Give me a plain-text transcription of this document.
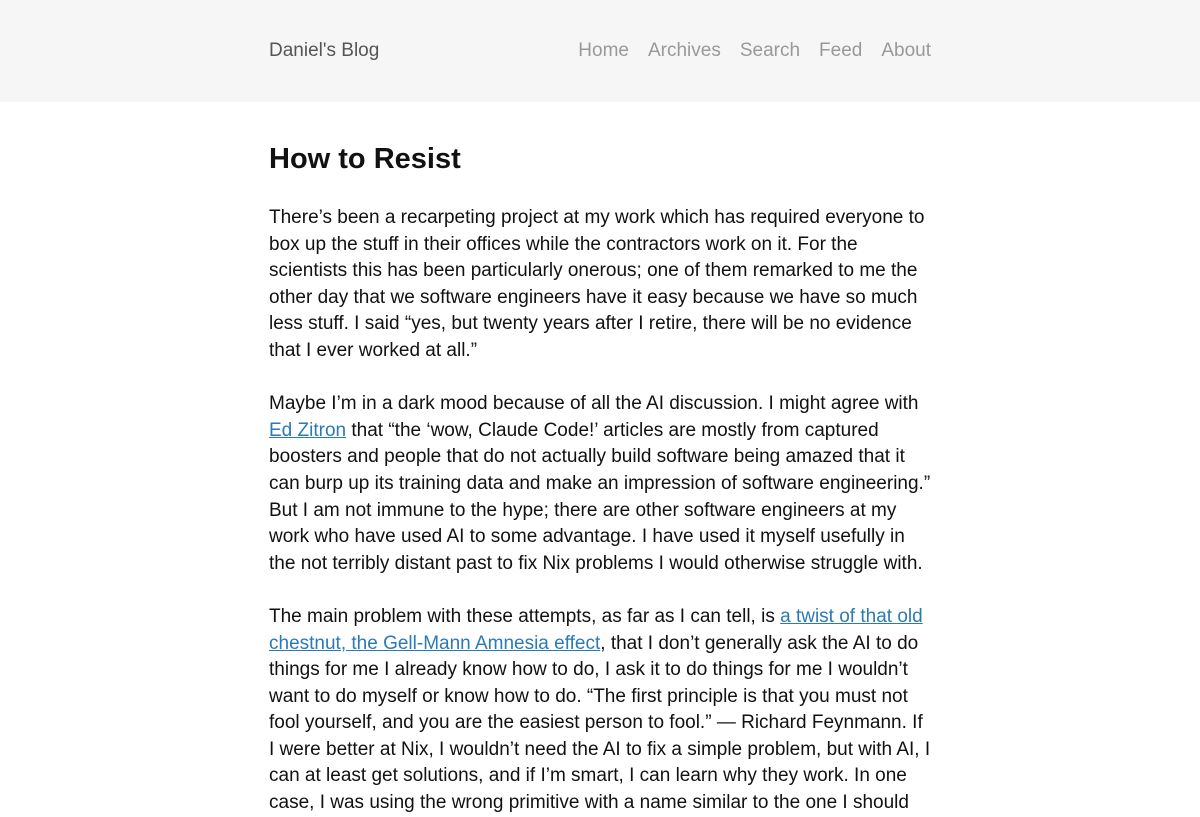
Daniel's Blog	Home Archives Search Feed About
How to Resist

There’s been a recarpeting project at my work which has required everyone to box up the stuff in their offices while the contractors work on it. For the scientists this has been particularly onerous; one of them remarked to me the other day that we software engineers have it easy because we have so much less stuff. I said “yes, but twenty years after I retire, there will be no evidence that I ever worked at all.”

Maybe I’m in a dark mood because of all the AI discussion. I might agree with Ed Zitron that “the ‘wow, Claude Code!’ articles are mostly from captured boosters and people that do not actually build software being amazed that it can burp up its training data and make an impression of software engineering.” But I am not immune to the hype; there are other software engineers at my work who have used AI to some advantage. I have used it myself usefully in the not terribly distant past to fix Nix problems I would otherwise struggle with.

The main problem with these attempts, as far as I can tell, is a twist of that old chestnut, the Gell-Mann Amnesia effect, that I don’t generally ask the AI to do things for me I already know how to do, I ask it to do things for me I wouldn’t want to do myself or know how to do. “The first principle is that you must not fool yourself, and you are the easiest person to fool.” — Richard Feynmann. If I were better at Nix, I wouldn’t need the AI to fix a simple problem, but with AI, I can at least get solutions, and if I’m smart, I can learn why they work. In one case, I was using the wrong primitive with a name similar to the one I should
